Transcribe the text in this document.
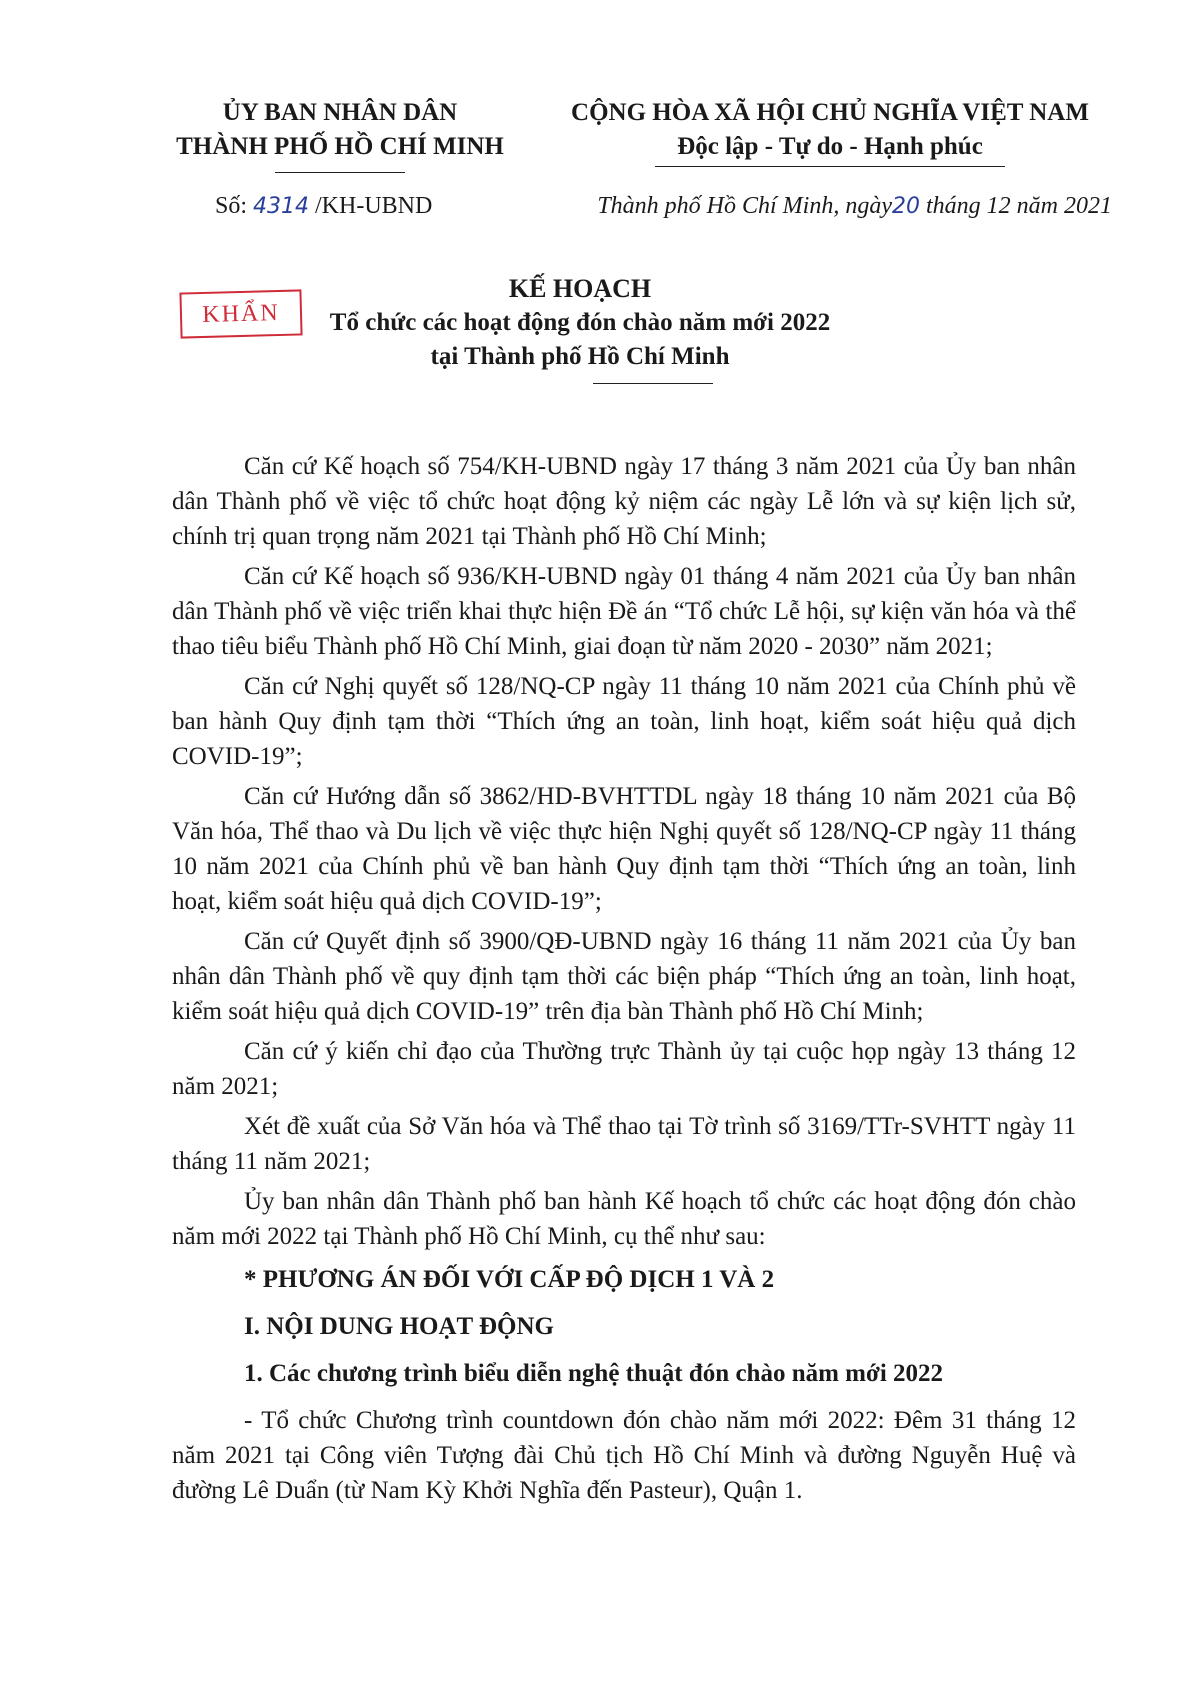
ỦY BAN NHÂN DÂN
THÀNH PHỐ HỒ CHÍ MINH
CỘNG HÒA XÃ HỘI CHỦ NGHĨA VIỆT NAM
Độc lập - Tự do - Hạnh phúc
Số: 4314 /KH-UBND	Thành phố Hồ Chí Minh, ngày20 tháng 12 năm 2021
KHẨN
KẾ HOẠCH
Tổ chức các hoạt động đón chào năm mới 2022
tại Thành phố Hồ Chí Minh

Căn cứ Kế hoạch số 754/KH-UBND ngày 17 tháng 3 năm 2021 của Ủy ban nhân dân Thành phố về việc tổ chức hoạt động kỷ niệm các ngày Lễ lớn và sự kiện lịch sử, chính trị quan trọng năm 2021 tại Thành phố Hồ Chí Minh;

Căn cứ Kế hoạch số 936/KH-UBND ngày 01 tháng 4 năm 2021 của Ủy ban nhân dân Thành phố về việc triển khai thực hiện Đề án “Tổ chức Lễ hội, sự kiện văn hóa và thể thao tiêu biểu Thành phố Hồ Chí Minh, giai đoạn từ năm 2020 - 2030” năm 2021;

Căn cứ Nghị quyết số 128/NQ-CP ngày 11 tháng 10 năm 2021 của Chính phủ về ban hành Quy định tạm thời “Thích ứng an toàn, linh hoạt, kiểm soát hiệu quả dịch COVID-19”;

Căn cứ Hướng dẫn số 3862/HD-BVHTTDL ngày 18 tháng 10 năm 2021 của Bộ Văn hóa, Thể thao và Du lịch về việc thực hiện Nghị quyết số 128/NQ-CP ngày 11 tháng 10 năm 2021 của Chính phủ về ban hành Quy định tạm thời “Thích ứng an toàn, linh hoạt, kiểm soát hiệu quả dịch COVID-19”;

Căn cứ Quyết định số 3900/QĐ-UBND ngày 16 tháng 11 năm 2021 của Ủy ban nhân dân Thành phố về quy định tạm thời các biện pháp “Thích ứng an toàn, linh hoạt, kiểm soát hiệu quả dịch COVID-19” trên địa bàn Thành phố Hồ Chí Minh;

Căn cứ ý kiến chỉ đạo của Thường trực Thành ủy tại cuộc họp ngày 13 tháng 12 năm 2021;

Xét đề xuất của Sở Văn hóa và Thể thao tại Tờ trình số 3169/TTr-SVHTT ngày 11 tháng 11 năm 2021;

Ủy ban nhân dân Thành phố ban hành Kế hoạch tổ chức các hoạt động đón chào năm mới 2022 tại Thành phố Hồ Chí Minh, cụ thể như sau:

* PHƯƠNG ÁN ĐỐI VỚI CẤP ĐỘ DỊCH 1 VÀ 2
I. NỘI DUNG HOẠT ĐỘNG
1. Các chương trình biểu diễn nghệ thuật đón chào năm mới 2022

- Tổ chức Chương trình countdown đón chào năm mới 2022: Đêm 31 tháng 12 năm 2021 tại Công viên Tượng đài Chủ tịch Hồ Chí Minh và đường Nguyễn Huệ và đường Lê Duẩn (từ Nam Kỳ Khởi Nghĩa đến Pasteur), Quận 1.
